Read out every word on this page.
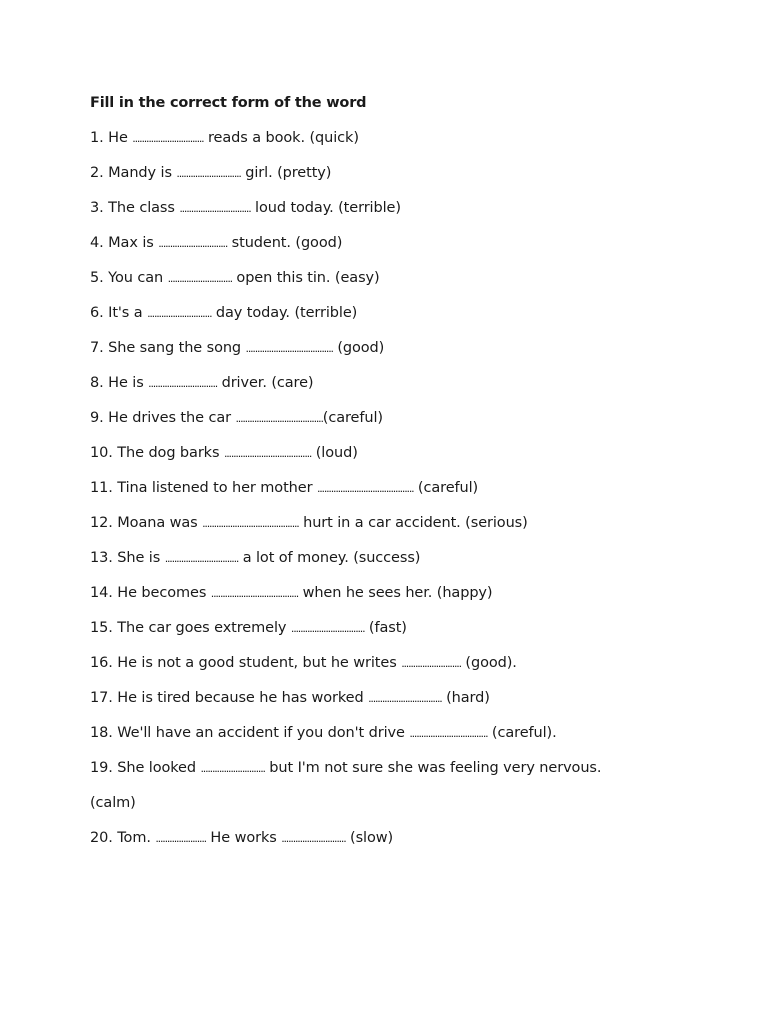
Fill in the correct form of the word
1. He ............................... reads a book. (quick)
2. Mandy is ............................ girl. (pretty)
3. The class ............................... loud today. (terrible)
4. Max is .............................. student. (good)
5. You can ............................ open this tin. (easy)
6. It's a ............................ day today. (terrible)
7. She sang the song ...................................... (good)
8. He is .............................. driver. (care)
9. He drives the car ......................................(careful)
10. The dog barks ...................................... (loud)
11. Tina listened to her mother .......................................... (careful)
12. Moana was .......................................... hurt in a car accident. (serious)
13. She is ................................ a lot of money. (success)
14. He becomes ...................................... when he sees her. (happy)
15. The car goes extremely ................................ (fast)
16. He is not a good student, but he writes .......................... (good).
17. He is tired because he has worked ................................ (hard)
18. We'll have an accident if you don't drive .................................. (careful).
19. She looked ............................ but I'm not sure she was feeling very nervous.
(calm)
20. Tom. ...................... He works ............................ (slow)
